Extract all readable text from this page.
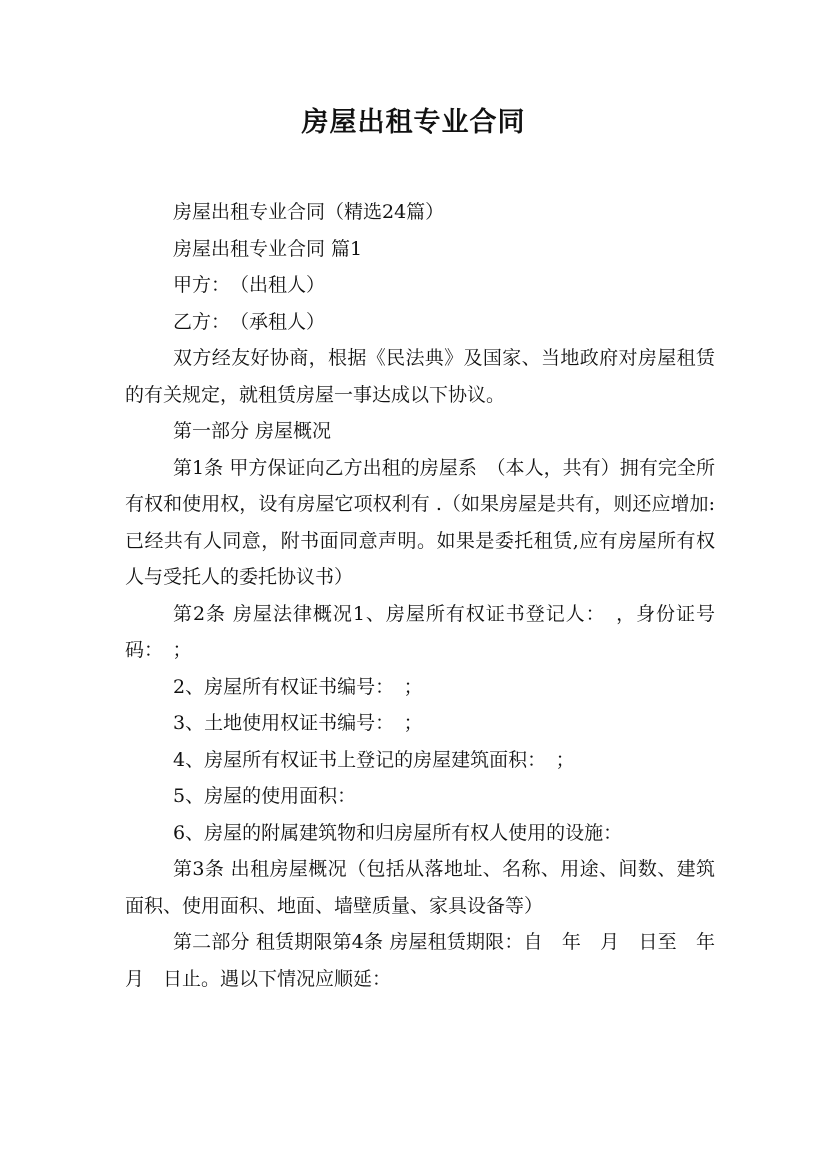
房屋出租专业合同

房屋出租专业合同（精选24篇）

房屋出租专业合同 篇1

甲方：　（出租人）

乙方：　（承租人）

双方经友好协商，根据《民法典》及国家、当地政府对房屋租赁的有关规定，就租赁房屋一事达成以下协议。

第一部分 房屋概况

第1条 甲方保证向乙方出租的房屋系　（本人，共有）拥有完全所有权和使用权，设有房屋它项权利有 .（如果房屋是共有，则还应增加:已经共有人同意，附书面同意声明。如果是委托租赁,应有房屋所有权人与受托人的委托协议书）

第2条 房屋法律概况1、房屋所有权证书登记人：　，身份证号码：　；

2、房屋所有权证书编号：　；

3、土地使用权证书编号：　；

4、房屋所有权证书上登记的房屋建筑面积：　；

5、房屋的使用面积：

6、房屋的附属建筑物和归房屋所有权人使用的设施：

第3条 出租房屋概况（包括从落地址、名称、用途、间数、建筑面积、使用面积、地面、墙壁质量、家具设备等）

第二部分 租赁期限第4条 房屋租赁期限：自　年　月　日至　年　月　日止。遇以下情况应顺延：
